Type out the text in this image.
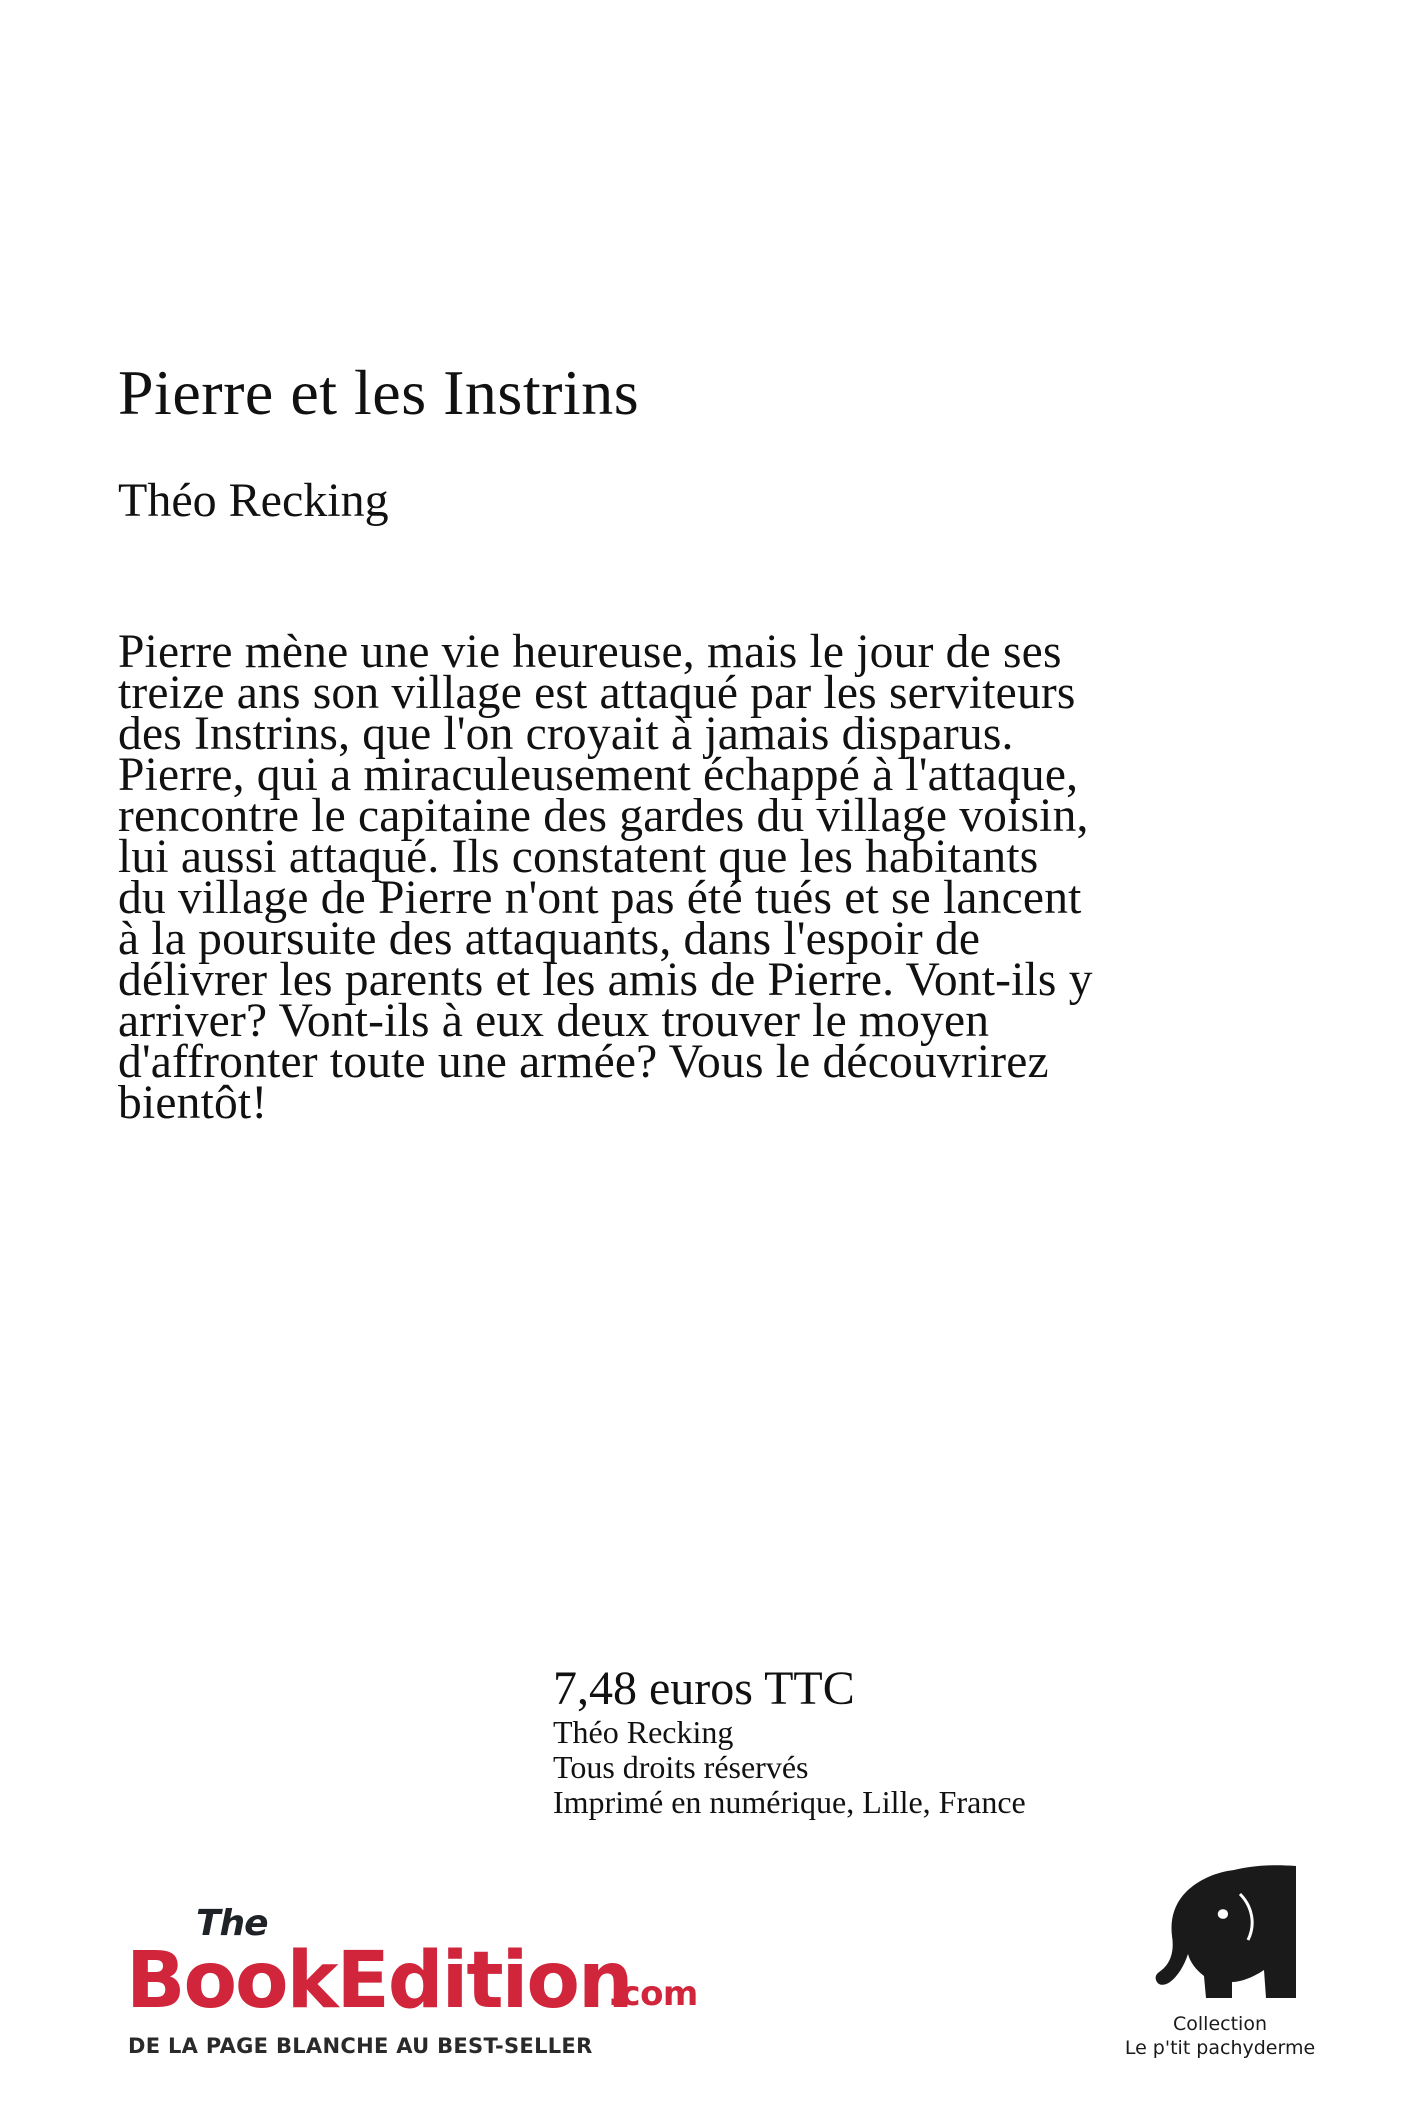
Pierre et les Instrins
Théo Recking

Pierre mène une vie heureuse, mais le jour de ses treize ans son village est attaqué par les serviteurs des Instrins, que l'on croyait à jamais disparus. Pierre, qui a miraculeusement échappé à l'attaque, rencontre le capitaine des gardes du village voisin, lui aussi attaqué. Ils constatent que les habitants du village de Pierre n'ont pas été tués et se lancent à la poursuite des attaquants, dans l'espoir de délivrer les parents et les amis de Pierre. Vont-ils y arriver? Vont-ils à eux deux trouver le moyen d'affronter toute une armée? Vous le découvrirez bientôt!

7,48 euros TTC
Théo Recking
Tous droits réservés
Imprimé en numérique, Lille, France
The
BookEdition
.com
DE LA PAGE BLANCHE AU BEST-SELLER
Collection
Le p'tit pachyderme
